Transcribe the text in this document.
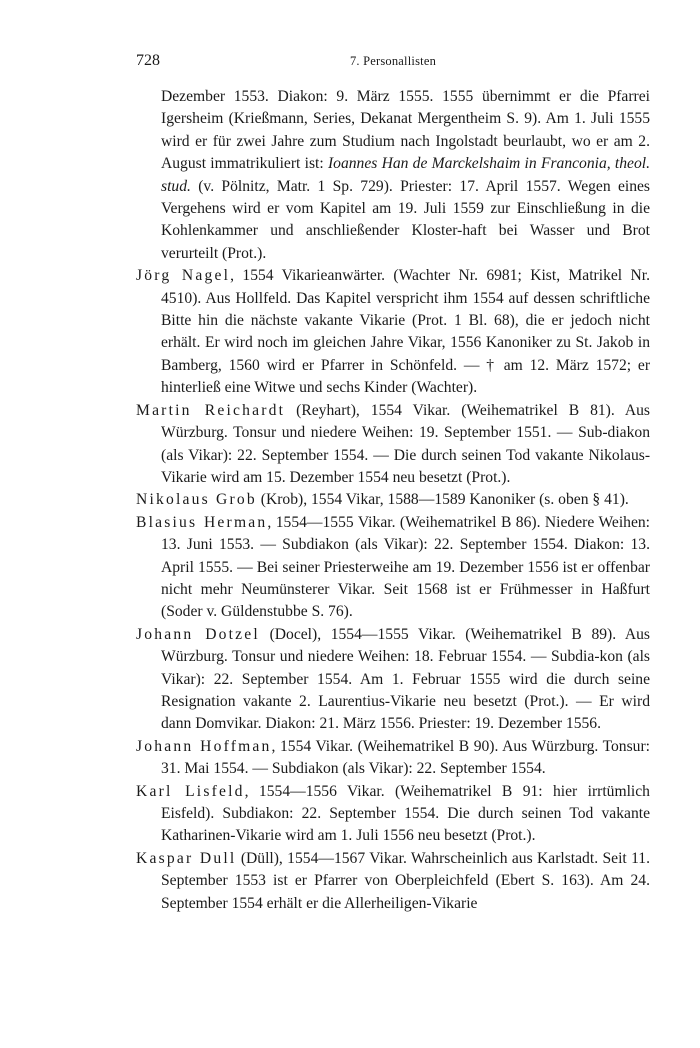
728	7. Personallisten

Dezember 1553. Diakon: 9. März 1555. 1555 übernimmt er die Pfarrei Igersheim (Krießmann, Series, Dekanat Mergentheim S. 9). Am 1. Juli 1555 wird er für zwei Jahre zum Studium nach Ingolstadt beurlaubt, wo er am 2. August immatrikuliert ist: Ioannes Han de Marckelshaim in Franconia, theol. stud. (v. Pölnitz, Matr. 1 Sp. 729). Priester: 17. April 1557. Wegen eines Vergehens wird er vom Kapitel am 19. Juli 1559 zur Einschließung in die Kohlenkammer und anschließender Kloster-haft bei Wasser und Brot verurteilt (Prot.).

Jörg Nagel, 1554 Vikarieanwärter. (Wachter Nr. 6981; Kist, Matrikel Nr. 4510). Aus Hollfeld. Das Kapitel verspricht ihm 1554 auf dessen schriftliche Bitte hin die nächste vakante Vikarie (Prot. 1 Bl. 68), die er jedoch nicht erhält. Er wird noch im gleichen Jahre Vikar, 1556 Kanoniker zu St. Jakob in Bamberg, 1560 wird er Pfarrer in Schönfeld. — † am 12. März 1572; er hinterließ eine Witwe und sechs Kinder (Wachter).

Martin Reichardt (Reyhart), 1554 Vikar. (Weihematrikel B 81). Aus Würzburg. Tonsur und niedere Weihen: 19. September 1551. — Sub-diakon (als Vikar): 22. September 1554. — Die durch seinen Tod vakante Nikolaus-Vikarie wird am 15. Dezember 1554 neu besetzt (Prot.).

Nikolaus Grob (Krob), 1554 Vikar, 1588—1589 Kanoniker (s. oben § 41).

Blasius Herman, 1554—1555 Vikar. (Weihematrikel B 86). Niedere Weihen: 13. Juni 1553. — Subdiakon (als Vikar): 22. September 1554. Diakon: 13. April 1555. — Bei seiner Priesterweihe am 19. Dezember 1556 ist er offenbar nicht mehr Neumünsterer Vikar. Seit 1568 ist er Frühmesser in Haßfurt (Soder v. Güldenstubbe S. 76).

Johann Dotzel (Docel), 1554—1555 Vikar. (Weihematrikel B 89). Aus Würzburg. Tonsur und niedere Weihen: 18. Februar 1554. — Subdia-kon (als Vikar): 22. September 1554. Am 1. Februar 1555 wird die durch seine Resignation vakante 2. Laurentius-Vikarie neu besetzt (Prot.). — Er wird dann Domvikar. Diakon: 21. März 1556. Priester: 19. Dezember 1556.

Johann Hoffman, 1554 Vikar. (Weihematrikel B 90). Aus Würzburg. Tonsur: 31. Mai 1554. — Subdiakon (als Vikar): 22. September 1554.

Karl Lisfeld, 1554—1556 Vikar. (Weihematrikel B 91: hier irrtümlich Eisfeld). Subdiakon: 22. September 1554. Die durch seinen Tod vakante Katharinen-Vikarie wird am 1. Juli 1556 neu besetzt (Prot.).

Kaspar Dull (Düll), 1554—1567 Vikar. Wahrscheinlich aus Karlstadt. Seit 11. September 1553 ist er Pfarrer von Oberpleichfeld (Ebert S. 163). Am 24. September 1554 erhält er die Allerheiligen-Vikarie
